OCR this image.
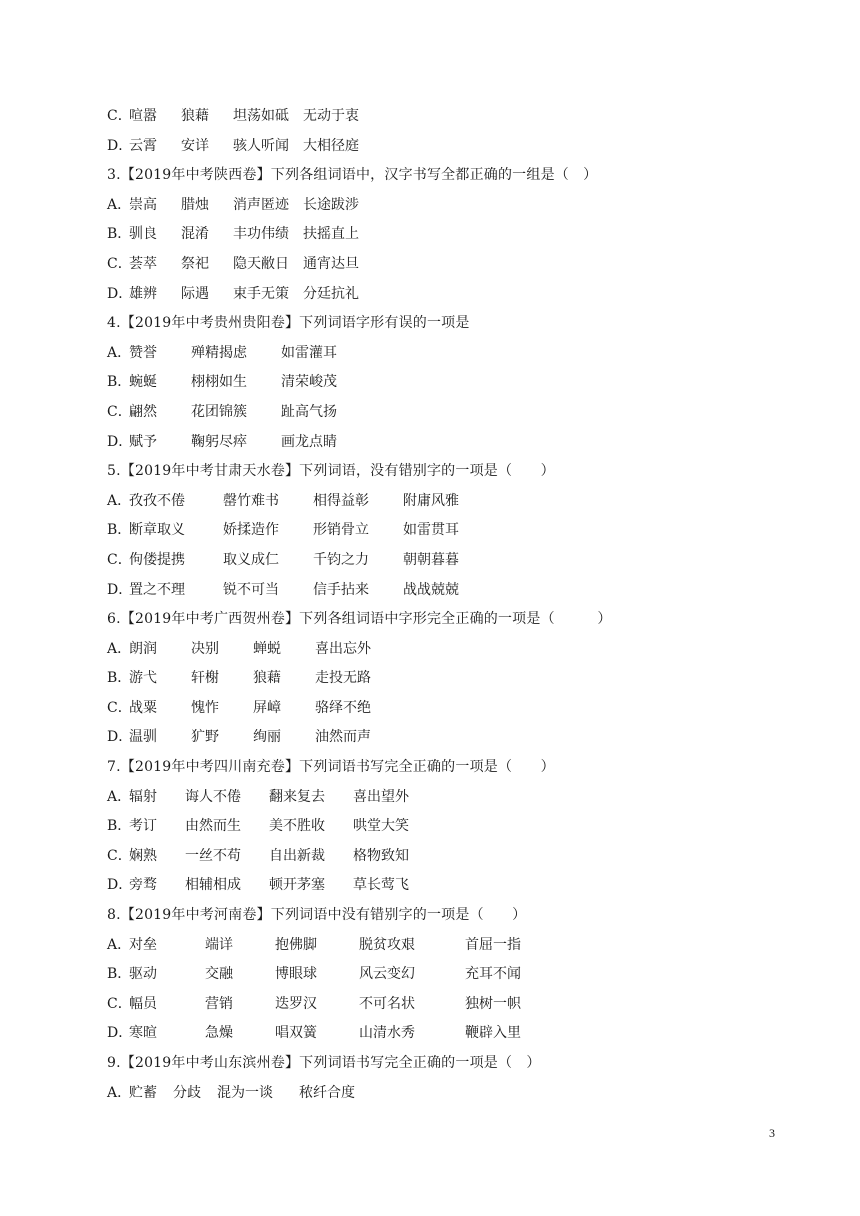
C．
喧嚣	狼藉	坦荡如砥	无动于衷
D．
云霄	安详	骇人听闻	大相径庭
3.【2019年中考陕西卷】下列各组词语中，汉字书写全都正确的一组是（　）
A．
崇高	腊烛	消声匿迹	长途跋涉
B．
驯良	混淆	丰功伟绩	扶摇直上
C．
荟萃	祭祀	隐天敝日	通宵达旦
D．
雄辨	际遇	束手无策	分廷抗礼
4.【2019年中考贵州贵阳卷】下列词语字形有误的一项是
A．
赞誉	殚精揭虑	如雷灌耳
B．
蜿蜒	栩栩如生	清荣峻茂
C．
翩然	花团锦簇	趾高气扬
D．
赋予	鞠躬尽瘁	画龙点睛
5.【2019年中考甘肃天水卷】下列词语，没有错别字的一项是（　　）
A．
孜孜不倦	罄竹难书	相得益彰	附庸风雅
B．
断章取义	娇揉造作	形销骨立	如雷贯耳
C．
佝偻提携	取义成仁	千钧之力	朝朝暮暮
D．
置之不理	锐不可当	信手拈来	战战兢兢
6.【2019年中考广西贺州卷】下列各组词语中字形完全正确的一项是（　　　）
A．
朗润	决别	蝉蜕	喜出忘外
B．
游弋	轩榭	狼藉	走投无路
C．
战粟	愧怍	屏嶂	骆绎不绝
D．
温驯	犷野	绚丽	油然而声
7.【2019年中考四川南充卷】下列词语书写完全正确的一项是（　　）
A．
辐射	诲人不倦	翻来复去	喜出望外
B．
考订	由然而生	美不胜收	哄堂大笑
C．
娴熟	一丝不苟	自出新裁	格物致知
D．
旁骛	相辅相成	顿开茅塞	草长莺飞
8.【2019年中考河南卷】下列词语中没有错别字的一项是（　　）
A．
对垒	端详	抱佛脚	脱贫攻艰	首屈一指
B．
驱动	交融	博眼球	风云变幻	充耳不闻
C．
幅员	营销	迭罗汉	不可名状	独树一帜
D．
寒暄	急燥	唱双簧	山清水秀	鞭辟入里
9.【2019年中考山东滨州卷】下列词语书写完全正确的一项是（　）
A．
贮蓄	分歧	混为一谈	秾纤合度
3
